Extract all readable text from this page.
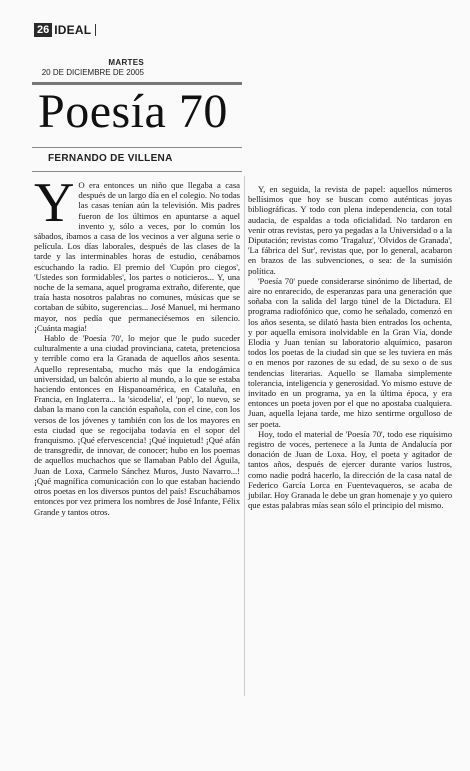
26 IDEAL
MARTES
20 DE DICIEMBRE DE 2005
Poesía 70
FERNANDO DE VILLENA

Y O era entonces un niño que llegaba a casa después de un largo día en el colegio. No todas las casas tenían aún la televisión. Mis padres fueron de los últimos en apuntarse a aquel invento y, sólo a veces, por lo común los sábados, íbamos a casa de los vecinos a ver alguna serie o película. Los días laborales, después de las clases de la tarde y las interminables horas de estudio, cenábamos escuchando la radio. El premio del 'Cupón pro ciegos', 'Ustedes son formidables', los partes o noticieros... Y, una noche de la semana, aquel programa extraño, diferente, que traía hasta nosotros palabras no comunes, músicas que se cortaban de súbito, sugerencias... José Manuel, mi hermano mayor, nos pedía que permaneciésemos en silencio. ¡Cuánta magia!

Hablo de 'Poesía 70', lo mejor que le pudo suceder culturalmente a una ciudad provinciana, cateta, pretenciosa y terrible como era la Granada de aquellos años sesenta. Aquello representaba, mucho más que la endogámica universidad, un balcón abierto al mundo, a lo que se estaba haciendo entonces en Hispanoamérica, en Cataluña, en Francia, en Inglaterra... la 'sicodelia', el 'pop', lo nuevo, se daban la mano con la canción española, con el cine, con los versos de los jóvenes y también con los de los mayores en esta ciudad que se regocijaba todavía en el sopor del franquismo. ¡Qué efervescencia! ¡Qué inquietud! ¡Qué afán de transgredir, de innovar, de conocer; hubo en los poemas de aquellos muchachos que se llamaban Pablo del Águila, Juan de Loxa, Carmelo Sánchez Muros, Justo Navarro...! ¡Qué magnífica comunicación con lo que estaban haciendo otros poetas en los diversos puntos del país! Escuchábamos entonces por vez primera los nombres de José Infante, Félix Grande y tantos otros.

Y, en seguida, la revista de papel: aquellos números bellísimos que hoy se buscan como auténticas joyas bibliográficas. Y todo con plena independencia, con total audacia, de espaldas a toda oficialidad. No tardaron en venir otras revistas, pero ya pegadas a la Universidad o a la Diputación; revistas como 'Tragaluz', 'Olvidos de Granada', 'La fábrica del Sur', revistas que, por lo general, acabaron en brazos de las subvenciones, o sea: de la sumisión política.

'Poesía 70' puede considerarse sinónimo de libertad, de aire no enrarecido, de esperanzas para una generación que soñaba con la salida del largo túnel de la Dictadura. El programa radiofónico que, como he señalado, comenzó en los años sesenta, se dilató hasta bien entrados los ochenta, y por aquella emisora inolvidable en la Gran Vía, donde Elodia y Juan tenían su laboratorio alquímico, pasaron todos los poetas de la ciudad sin que se les tuviera en más o en menos por razones de su edad, de su sexo o de sus tendencias literarias. Aquello se llamaba simplemente tolerancia, inteligencia y generosidad. Yo mismo estuve de invitado en un programa, ya en la última época, y era entonces un poeta joven por el que no apostaba cualquiera. Juan, aquella lejana tarde, me hizo sentirme orgulloso de ser poeta.

Hoy, todo el material de 'Poesía 70', todo ese riquísimo registro de voces, pertenece a la Junta de Andalucía por donación de Juan de Loxa. Hoy, el poeta y agitador de tantos años, después de ejercer durante varios lustros, como nadie podrá hacerlo, la dirección de la casa natal de Federico García Lorca en Fuentevaqueros, se acaba de jubilar. Hoy Granada le debe un gran homenaje y yo quiero que estas palabras mías sean sólo el principio del mismo.
